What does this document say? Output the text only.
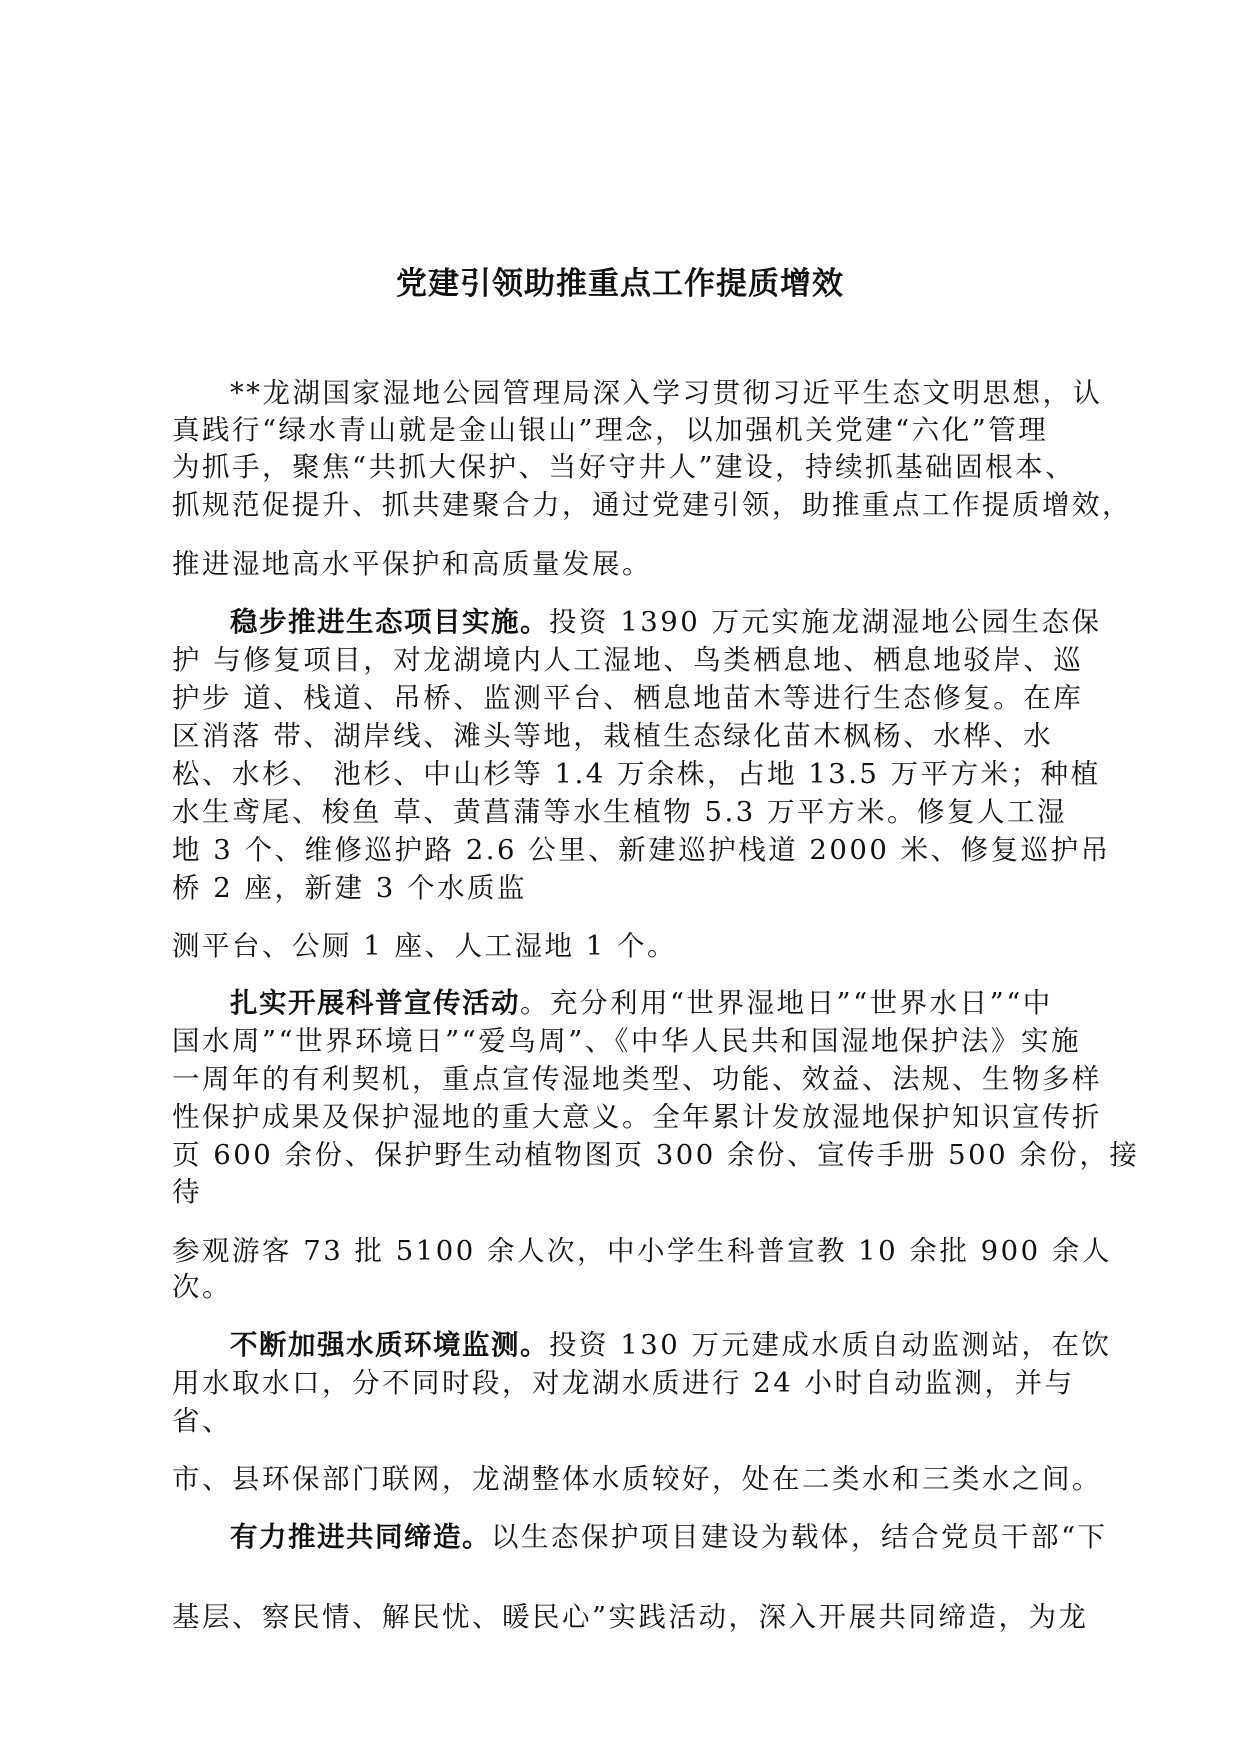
党建引领助推重点工作提质增效
**龙湖国家湿地公园管理局深入学习贯彻习近平生态文明思想，认
真践行“绿水青山就是金山银山”理念，以加强机关党建“六化”管理
为抓手，聚焦“共抓大保护、当好守井人”建设，持续抓基础固根本、
抓规范促提升、抓共建聚合力，通过党建引领，助推重点工作提质增效，
推进湿地高水平保护和高质量发展。
稳步推进生态项目实施。投资 1390 万元实施龙湖湿地公园生态保
护 与修复项目，对龙湖境内人工湿地、鸟类栖息地、栖息地驳岸、巡
护步 道、栈道、吊桥、监测平台、栖息地苗木等进行生态修复。在库
区消落 带、湖岸线、滩头等地，栽植生态绿化苗木枫杨、水桦、水
松、水杉、 池杉、中山杉等 1.4 万余株，占地 13.5 万平方米；种植
水生鸢尾、梭鱼 草、黄菖蒲等水生植物 5.3 万平方米。修复人工湿
地 3 个、维修巡护路 2.6 公里、新建巡护栈道 2000 米、修复巡护吊
桥 2 座，新建 3 个水质监
测平台、公厕 1 座、人工湿地 1 个。
扎实开展科普宣传活动。充分利用“世界湿地日”“世界水日”“中
国水周”“世界环境日”“爱鸟周”、《中华人民共和国湿地保护法》实施
一周年的有利契机，重点宣传湿地类型、功能、效益、法规、生物多样
性保护成果及保护湿地的重大意义。全年累计发放湿地保护知识宣传折
页 600 余份、保护野生动植物图页 300 余份、宣传手册 500 余份，接
待
参观游客 73 批 5100 余人次，中小学生科普宣教 10 余批 900 余人
次。
不断加强水质环境监测。投资 130 万元建成水质自动监测站，在饮
用水取水口，分不同时段，对龙湖水质进行 24 小时自动监测，并与
省、
市、县环保部门联网，龙湖整体水质较好，处在二类水和三类水之间。
有力推进共同缔造。以生态保护项目建设为载体，结合党员干部“下
基层、察民情、解民忧、暖民心”实践活动，深入开展共同缔造，为龙
